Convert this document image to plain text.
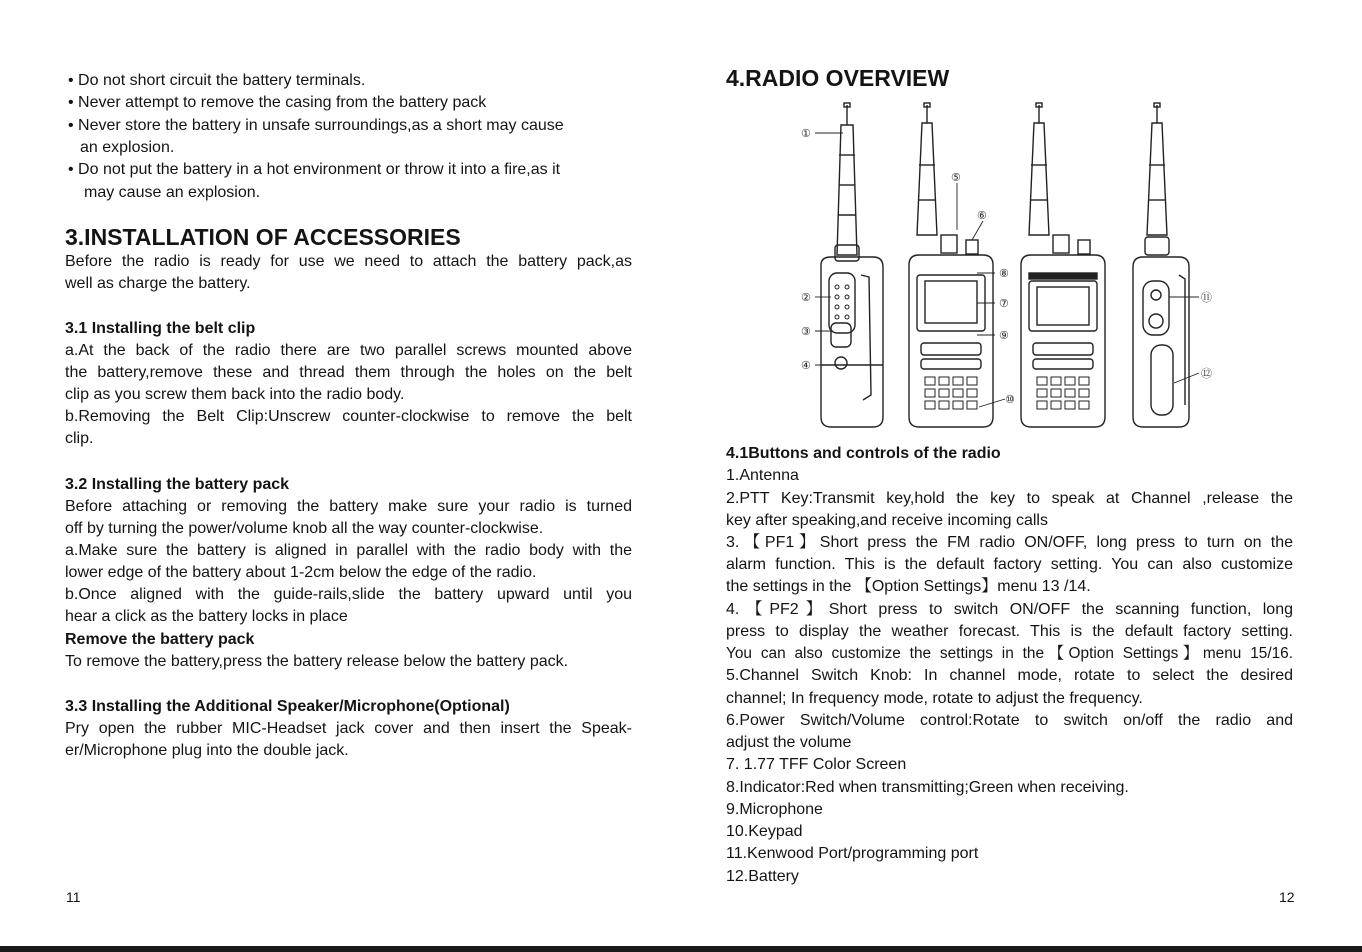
• Do not short circuit the battery terminals.
• Never attempt to remove the casing from the battery pack
• Never store the battery in unsafe surroundings,as a short may cause
an explosion.
• Do not put the battery in a hot environment or throw it into a fire,as it
may cause an explosion.
3.INSTALLATION OF ACCESSORIES
Before the radio is ready for use we need to attach the battery pack,as
well as charge the battery.
3.1 Installing the belt clip
a.At the back of the radio there are two parallel screws mounted above
the battery,remove these and thread them through the holes on the belt
clip as you screw them back into the radio body.
b.Removing the Belt Clip:Unscrew counter-clockwise to remove the belt
clip.
3.2 Installing the battery pack
Before attaching or removing the battery make sure your radio is turned
off by turning the power/volume knob all the way counter-clockwise.
a.Make sure the battery is aligned in parallel with the radio body with the
lower edge of the battery about 1-2cm below the edge of the radio.
b.Once aligned with the guide-rails,slide the battery upward until you
hear a click as the battery locks in place
Remove the battery pack
To remove the battery,press the battery release below the battery pack.
3.3 Installing the Additional Speaker/Microphone(Optional)
Pry open the rubber MIC-Headset jack cover and then insert the Speak-
er/Microphone plug into the double jack.
11
4.RADIO OVERVIEW
①
②
③
④
⑤
⑥
⑦
⑧
⑨
⑩
⑪
⑫
4.1Buttons and controls of the radio
1.Antenna
2.PTT Key:Transmit key,hold the key to speak at Channel ,release the
key after speaking,and receive incoming calls
3.【PF1】Short press the FM radio ON/OFF, long press to turn on the
alarm function. This is the default factory setting. You can also customize
the settings in the 【Option Settings】menu 13 /14.
4.【PF2】Short press to switch ON/OFF the scanning function, long
press to display the weather forecast. This is the default factory setting.
You can also customize the settings in the【Option Settings】menu 15/16.
5.Channel Switch Knob: In channel mode, rotate to select the desired
channel; In frequency mode, rotate to adjust the frequency.
6.Power Switch/Volume control:Rotate to switch on/off the radio and
adjust the volume
7. 1.77 TFF Color Screen
8.Indicator:Red when transmitting;Green when receiving.
9.Microphone
10.Keypad
11.Kenwood Port/programming port
12.Battery
12
